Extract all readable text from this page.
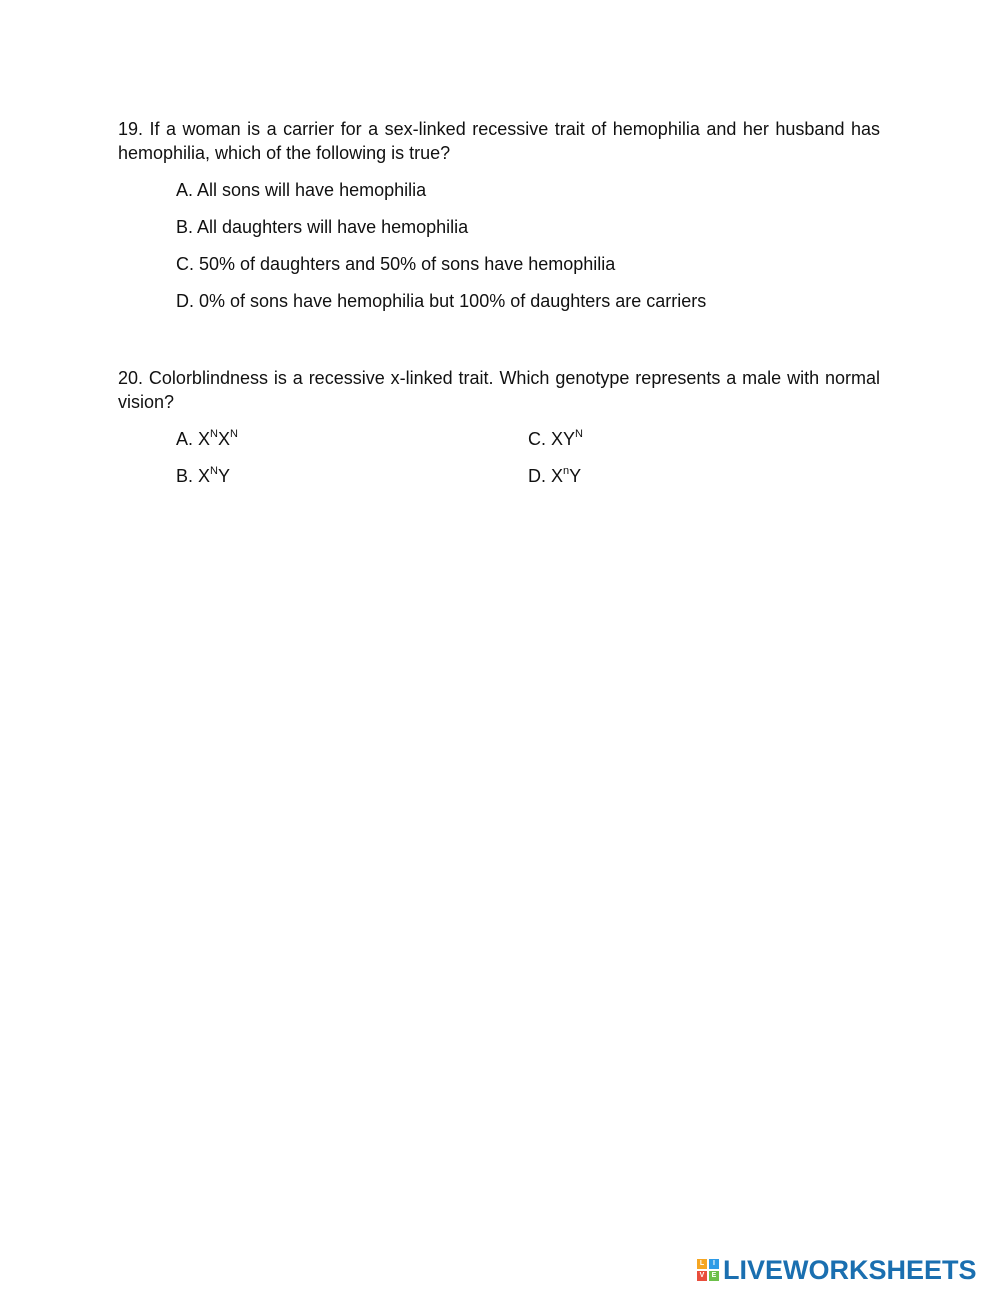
19. If a woman is a carrier for a sex-linked recessive trait of hemophilia and her husband has hemophilia, which of the following is true?

A. All sons will have hemophilia
B. All daughters will have hemophilia
C. 50% of daughters and 50% of sons have hemophilia
D. 0% of sons have hemophilia but 100% of daughters are carriers

20. Colorblindness is a recessive x-linked trait. Which genotype represents a male with normal vision?

A. $X^NX^N$
B. $X^NY$
C. $XY^N$
D. $X^nY$
L	I
V	E LIVEWORKSHEETS
